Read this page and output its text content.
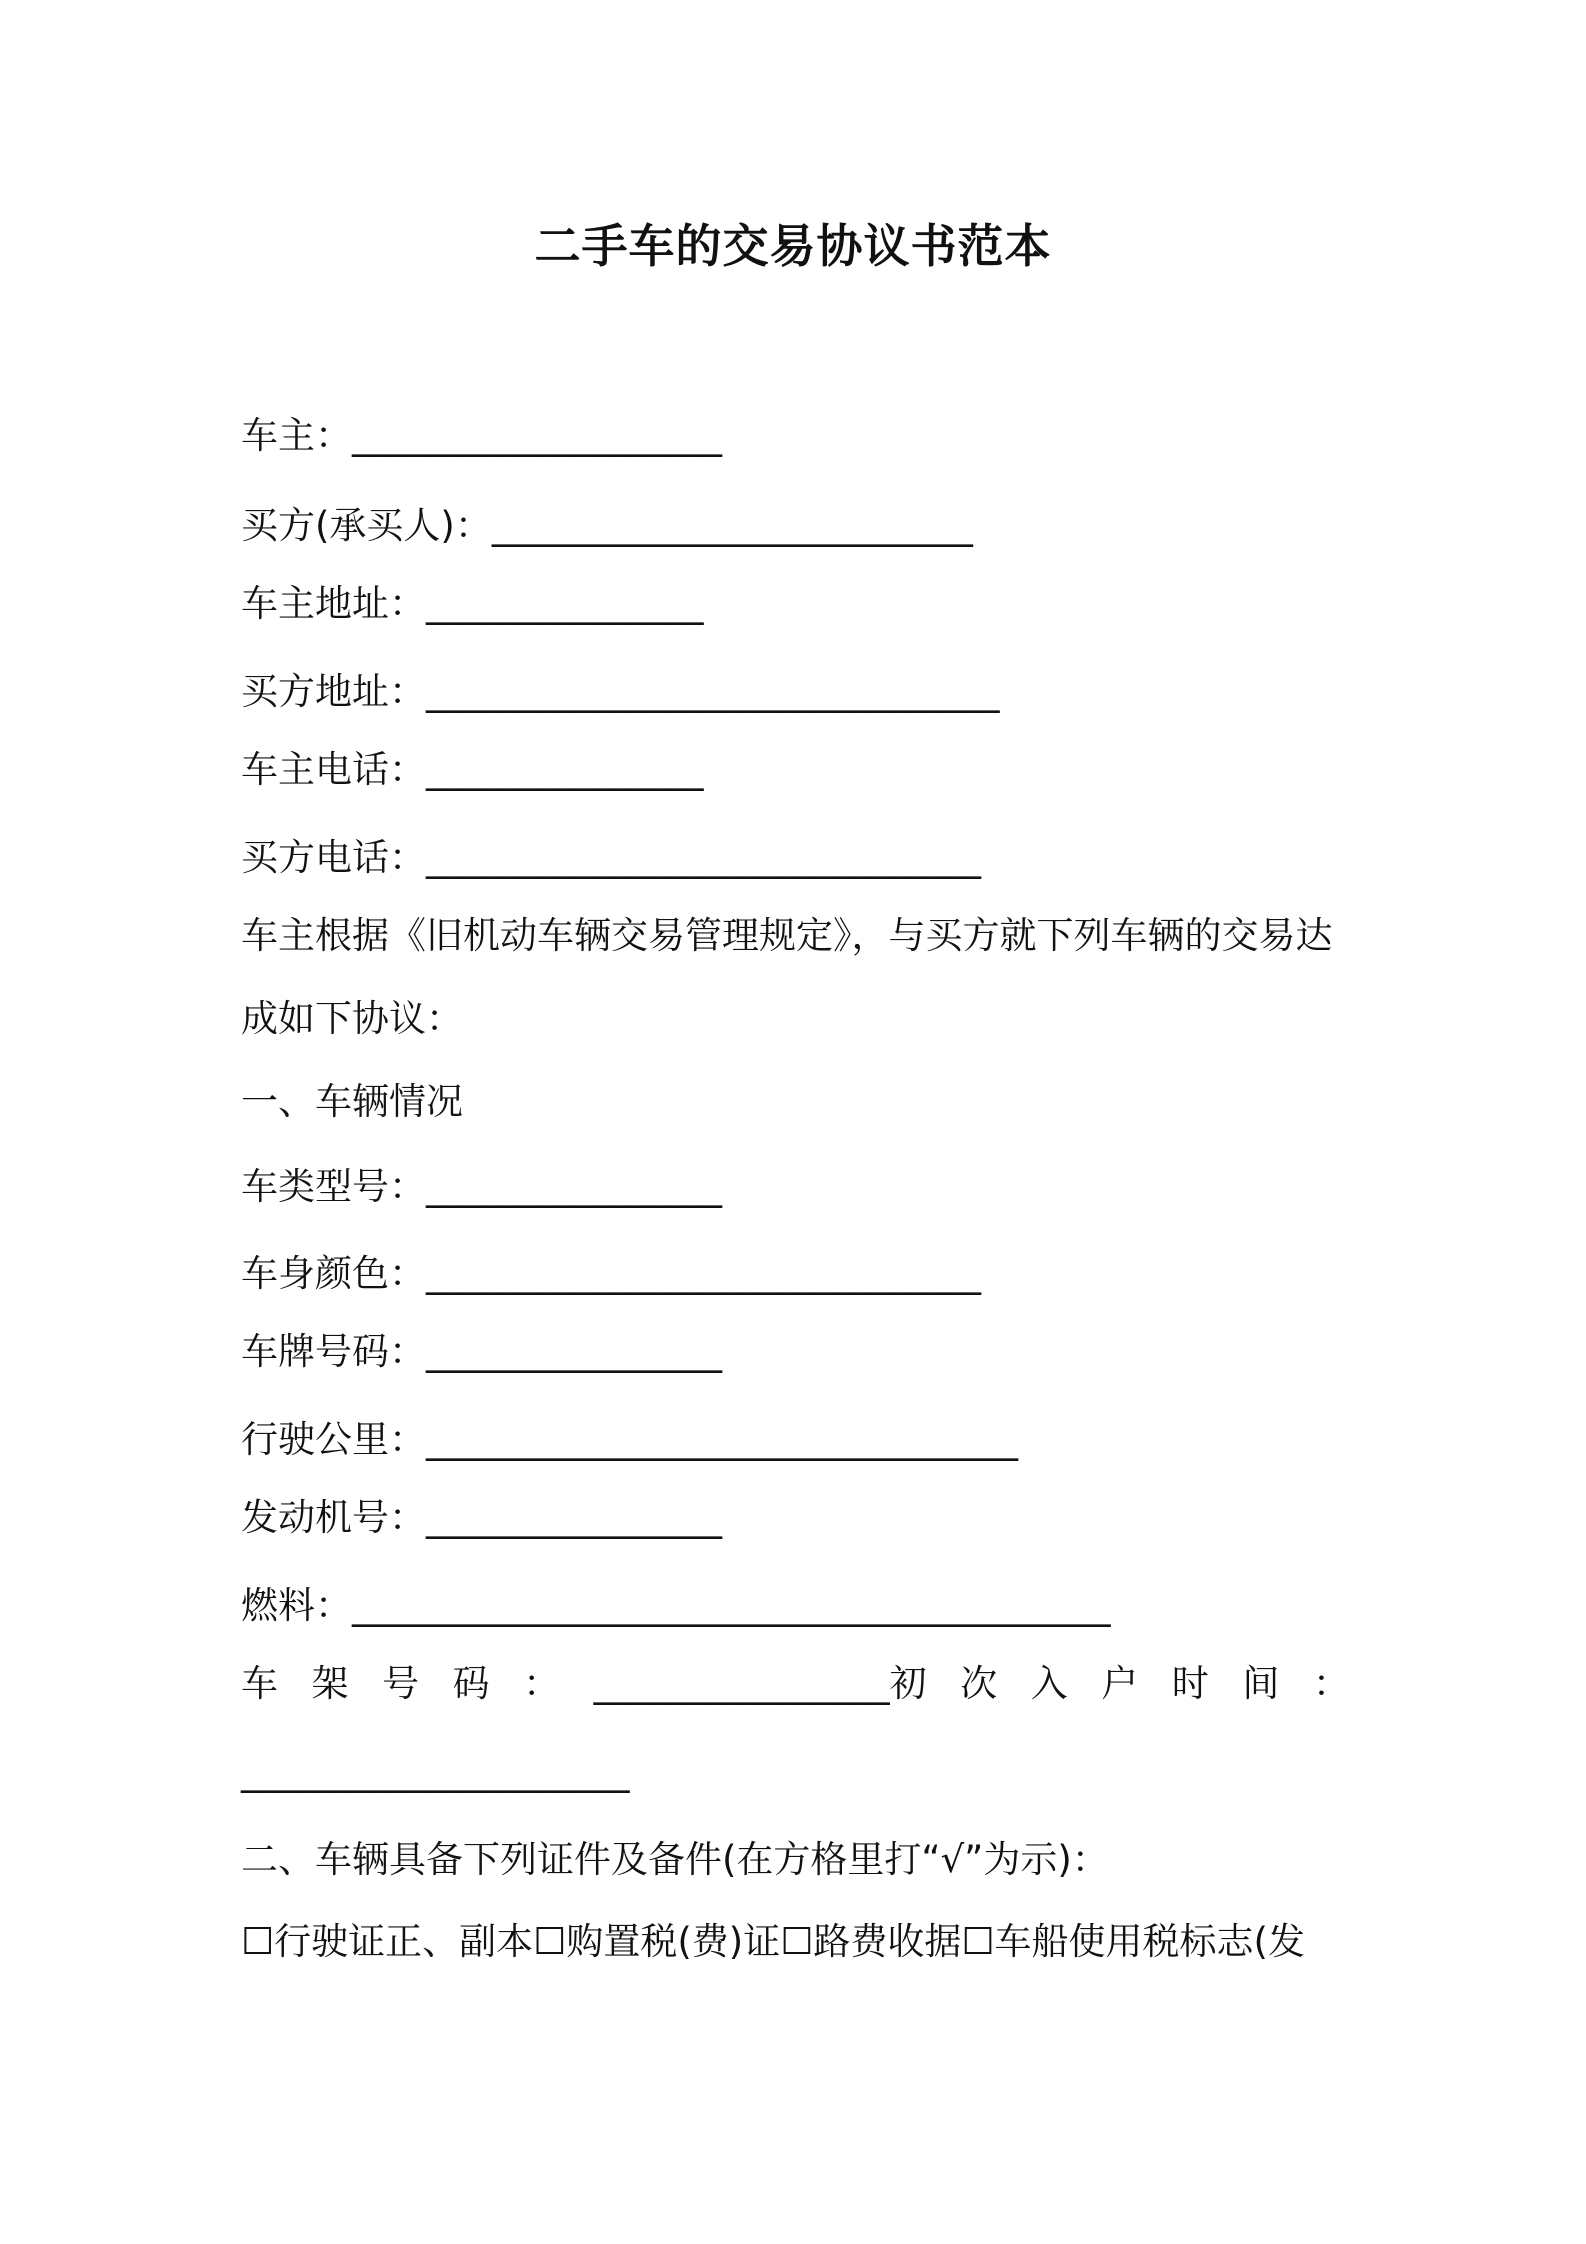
二手车的交易协议书范本
车主：____________________
买方(承买人)：__________________________
车主地址：_______________
买方地址：_______________________________
车主电话：_______________
买方电话：______________________________
车主根据《旧机动车辆交易管理规定》，与买方就下列车辆的交易达
成如下协议：
一、车辆情况
车类型号：________________
车身颜色：______________________________
车牌号码：________________
行驶公里：________________________________
发动机号：________________
燃料：_________________________________________
车 架 号 码 ： ________________初 次 入 户 时 间 ：
_____________________
二、车辆具备下列证件及备件(在方格里打“√”为示)：
☐行驶证正、副本☐购置税(费)证☐路费收据☐车船使用税标志(发
